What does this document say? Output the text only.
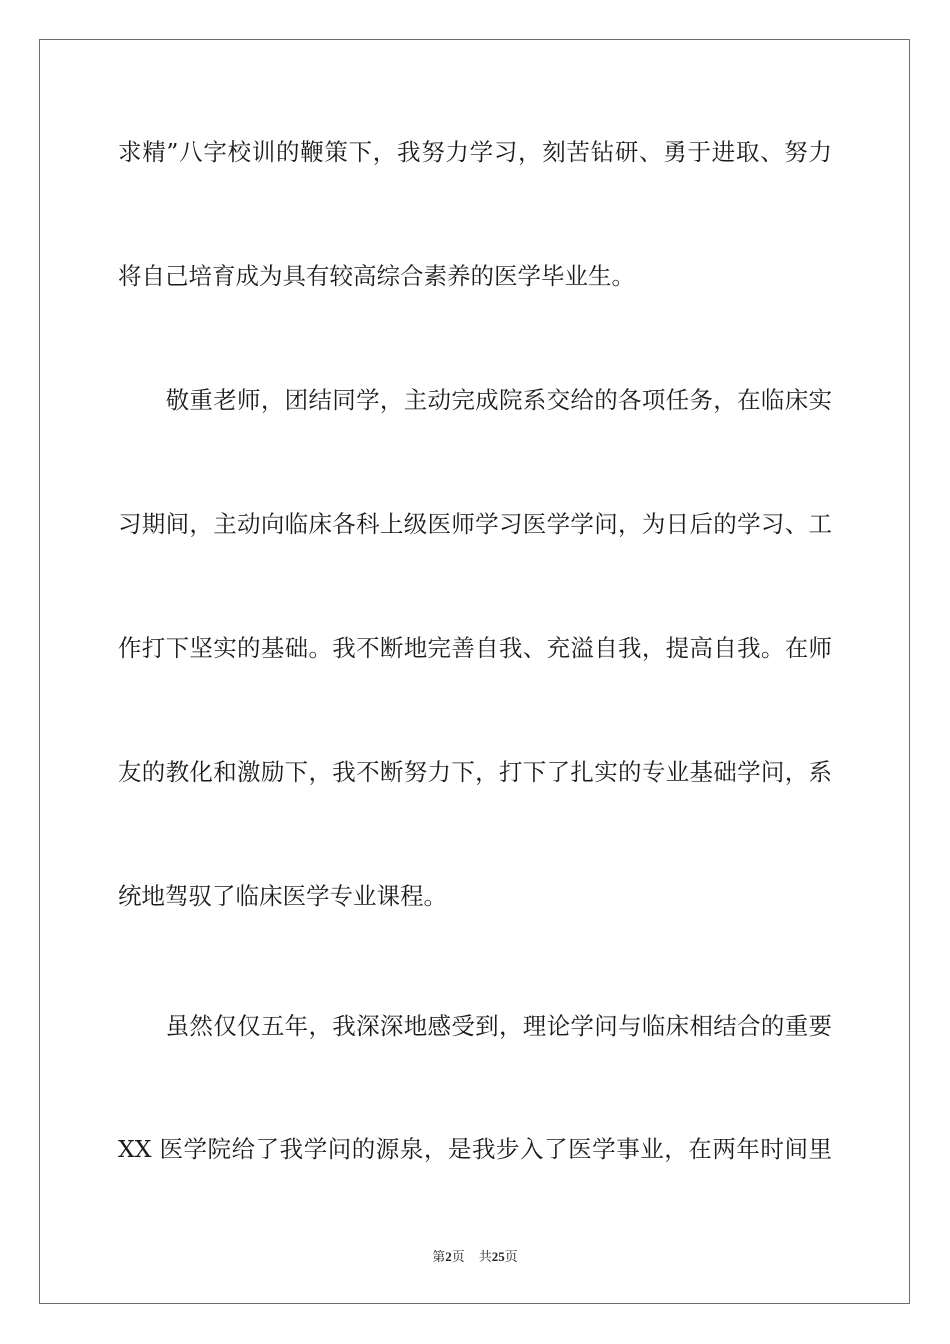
求精”八字校训的鞭策下，我努力学习，刻苦钻研、勇于进取、努力
将自己培育成为具有较高综合素养的医学毕业生。
　　敬重老师，团结同学，主动完成院系交给的各项任务，在临床实
习期间，主动向临床各科上级医师学习医学学问，为日后的学习、工
作打下坚实的基础。我不断地完善自我、充溢自我，提高自我。在师
友的教化和激励下，我不断努力下，打下了扎实的专业基础学问，系
统地驾驭了临床医学专业课程。
　　虽然仅仅五年，我深深地感受到，理论学问与临床相结合的重要
XX 医学院给了我学问的源泉，是我步入了医学事业，在两年时间里
第2页 共25页
